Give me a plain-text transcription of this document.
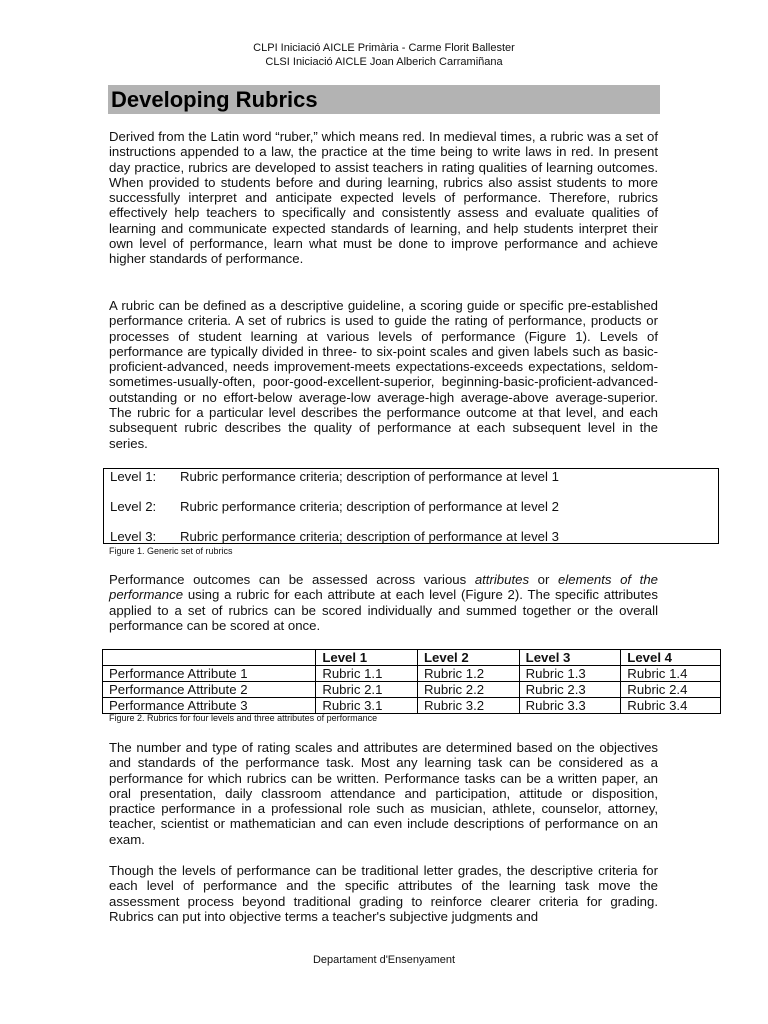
CLPI Iniciació AICLE Primària - Carme Florit Ballester
CLSI Iniciació AICLE Joan Alberich Carramiñana
Developing Rubrics

Derived from the Latin word “ruber,” which means red. In medieval times, a rubric was a set of instructions appended to a law, the practice at the time being to write laws in red. In present day practice, rubrics are developed to assist teachers in rating qualities of learning outcomes. When provided to students before and during learning, rubrics also assist students to more successfully interpret and anticipate expected levels of performance. Therefore, rubrics effectively help teachers to specifically and consistently assess and evaluate qualities of learning and communicate expected standards of learning, and help students interpret their own level of performance, learn what must be done to improve performance and achieve higher standards of performance.

A rubric can be defined as a descriptive guideline, a scoring guide or specific pre-established performance criteria. A set of rubrics is used to guide the rating of performance, products or processes of student learning at various levels of performance (Figure 1). Levels of performance are typically divided in three- to six-point scales and given labels such as basic-proficient-advanced, needs improvement-meets expectations-exceeds expectations, seldom-sometimes-usually-often, poor-good-excellent-superior, beginning-basic-proficient-advanced-outstanding or no effort-below average-low average-high average-above average-superior. The rubric for a particular level describes the performance outcome at that level, and each subsequent rubric describes the quality of performance at each subsequent level in the series.

Level 1: Rubric performance criteria; description of performance at level 1
Level 2: Rubric performance criteria; description of performance at level 2
Level 3: Rubric performance criteria; description of performance at level 3
Figure 1. Generic set of rubrics

Performance outcomes can be assessed across various attributes or elements of the performance using a rubric for each attribute at each level (Figure 2). The specific attributes applied to a set of rubrics can be scored individually and summed together or the overall performance can be scored at once.

	Level 1	Level 2	Level 3	Level 4
Performance Attribute 1	Rubric 1.1	Rubric 1.2	Rubric 1.3	Rubric 1.4
Performance Attribute 2	Rubric 2.1	Rubric 2.2	Rubric 2.3	Rubric 2.4
Performance Attribute 3	Rubric 3.1	Rubric 3.2	Rubric 3.3	Rubric 3.4
Figure 2. Rubrics for four levels and three attributes of performance

The number and type of rating scales and attributes are determined based on the objectives and standards of the performance task. Most any learning task can be considered as a performance for which rubrics can be written. Performance tasks can be a written paper, an oral presentation, daily classroom attendance and participation, attitude or disposition, practice performance in a professional role such as musician, athlete, counselor, attorney, teacher, scientist or mathematician and can even include descriptions of performance on an exam.

Though the levels of performance can be traditional letter grades, the descriptive criteria for each level of performance and the specific attributes of the learning task move the assessment process beyond traditional grading to reinforce clearer criteria for grading. Rubrics can put into objective terms a teacher's subjective judgments and

Departament d'Ensenyament
